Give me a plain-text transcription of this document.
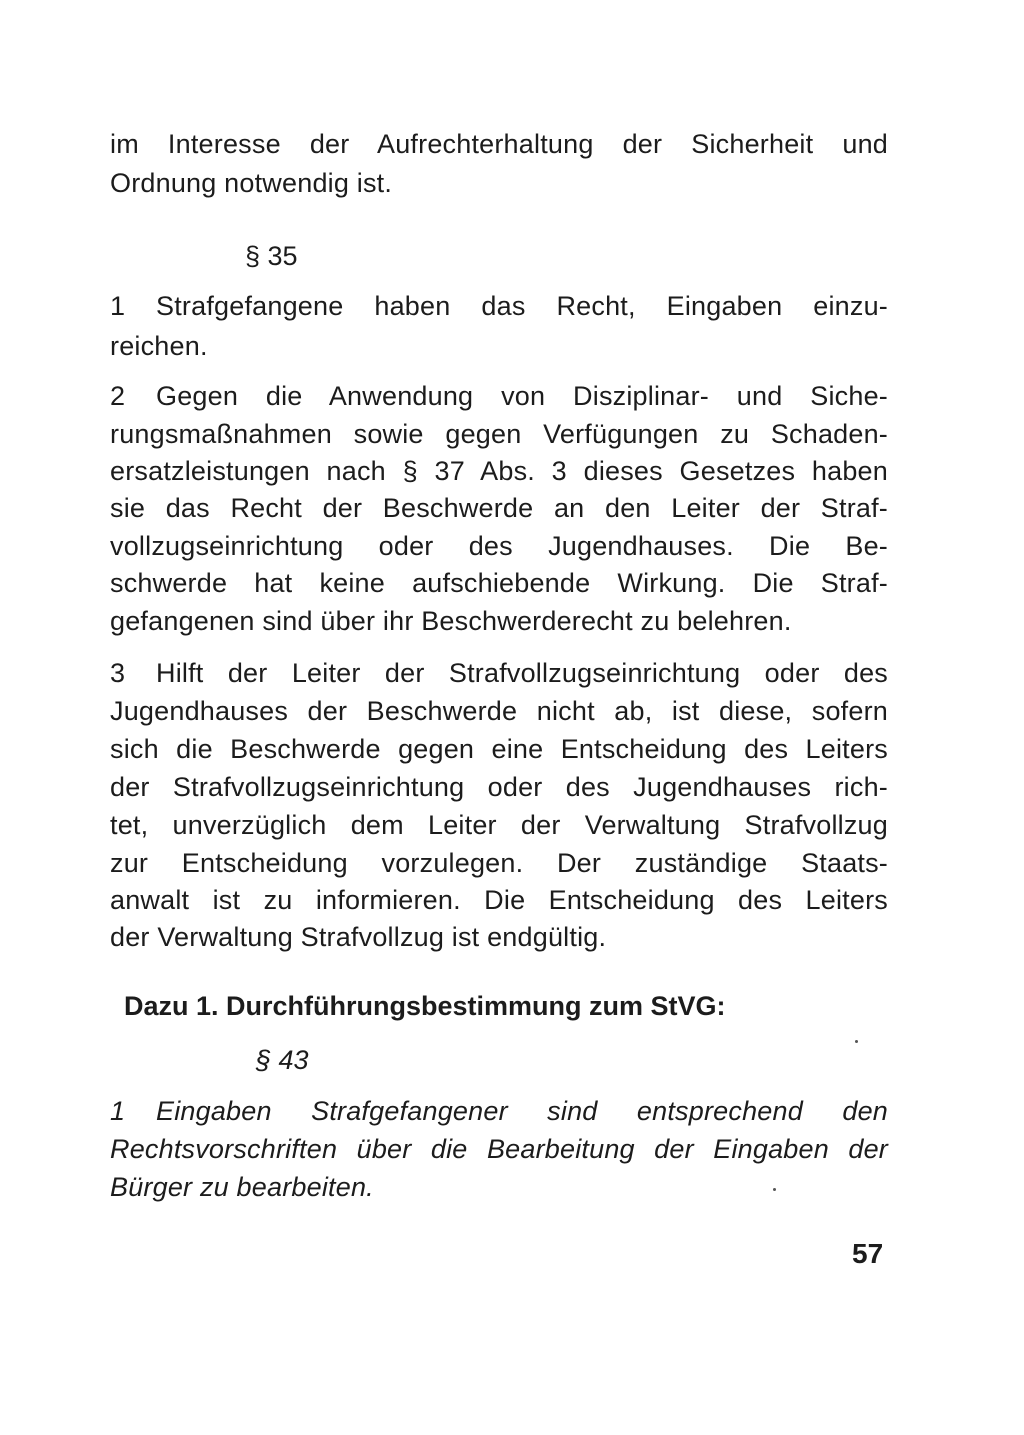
im Interesse der Aufrechterhaltung der Sicherheit und
Ordnung notwendig ist.
§ 35
1 Strafgefangene haben das Recht, Eingaben einzu-
reichen.
2 Gegen die Anwendung von Disziplinar- und Siche-
rungsmaßnahmen sowie gegen Verfügungen zu Schaden-
ersatzleistungen nach § 37 Abs. 3 dieses Gesetzes haben
sie das Recht der Beschwerde an den Leiter der Straf-
vollzugseinrichtung oder des Jugendhauses. Die Be-
schwerde hat keine aufschiebende Wirkung. Die Straf-
gefangenen sind über ihr Beschwerderecht zu belehren.
3 Hilft der Leiter der Strafvollzugseinrichtung oder des
Jugendhauses der Beschwerde nicht ab, ist diese, sofern
sich die Beschwerde gegen eine Entscheidung des Leiters
der Strafvollzugseinrichtung oder des Jugendhauses rich-
tet, unverzüglich dem Leiter der Verwaltung Strafvollzug
zur Entscheidung vorzulegen. Der zuständige Staats-
anwalt ist zu informieren. Die Entscheidung des Leiters
der Verwaltung Strafvollzug ist endgültig.
Dazu 1. Durchführungsbestimmung zum StVG:
§ 43
1 Eingaben Strafgefangener sind entsprechend den
Rechtsvorschriften über die Bearbeitung der Eingaben der
Bürger zu bearbeiten.
57
